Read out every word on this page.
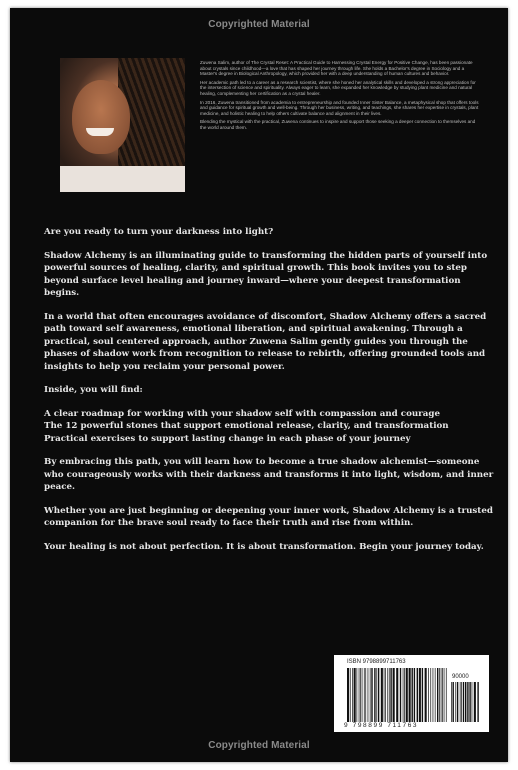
Copyrighted Material

Zuwena Salim, author of The Crystal Reset: A Practical Guide to Harnessing Crystal Energy for Positive Change, has been passionate about crystals since childhood—a love that has shaped her journey through life. She holds a Bachelor's degree in Sociology and a Master's degree in Biological Anthropology, which provided her with a deep understanding of human cultures and behavior.

Her academic path led to a career as a research scientist, where she honed her analytical skills and developed a strong appreciation for the intersection of science and spirituality. Always eager to learn, she expanded her knowledge by studying plant medicine and natural healing, complementing her certification as a crystal healer.

In 2016, Zuwena transitioned from academia to entrepreneurship and founded Inner Sister Balance, a metaphysical shop that offers tools and guidance for spiritual growth and well-being. Through her business, writing, and teachings, she shares her expertise in crystals, plant medicine, and holistic healing to help others cultivate balance and alignment in their lives.

Blending the mystical with the practical, Zuwena continues to inspire and support those seeking a deeper connection to themselves and the world around them.

Are you ready to turn your darkness into light?

Shadow Alchemy is an illuminating guide to transforming the hidden parts of yourself into powerful sources of healing, clarity, and spiritual growth. This book invites you to step beyond surface level healing and journey inward—where your deepest transformation begins.

In a world that often encourages avoidance of discomfort, Shadow Alchemy offers a sacred path toward self awareness, emotional liberation, and spiritual awakening. Through a practical, soul centered approach, author Zuwena Salim gently guides you through the phases of shadow work from recognition to release to rebirth, offering grounded tools and insights to help you reclaim your personal power.

Inside, you will find:

A clear roadmap for working with your shadow self with compassion and courage
The 12 powerful stones that support emotional release, clarity, and transformation
Practical exercises to support lasting change in each phase of your journey

By embracing this path, you will learn how to become a true shadow alchemist—someone who courageously works with their darkness and transforms it into light, wisdom, and inner peace.

Whether you are just beginning or deepening your inner work, Shadow Alchemy is a trusted companion for the brave soul ready to face their truth and rise from within.

Your healing is not about perfection. It is about transformation. Begin your journey today.

ISBN 9798899711763
90000
9 798899 711763
Copyrighted Material
